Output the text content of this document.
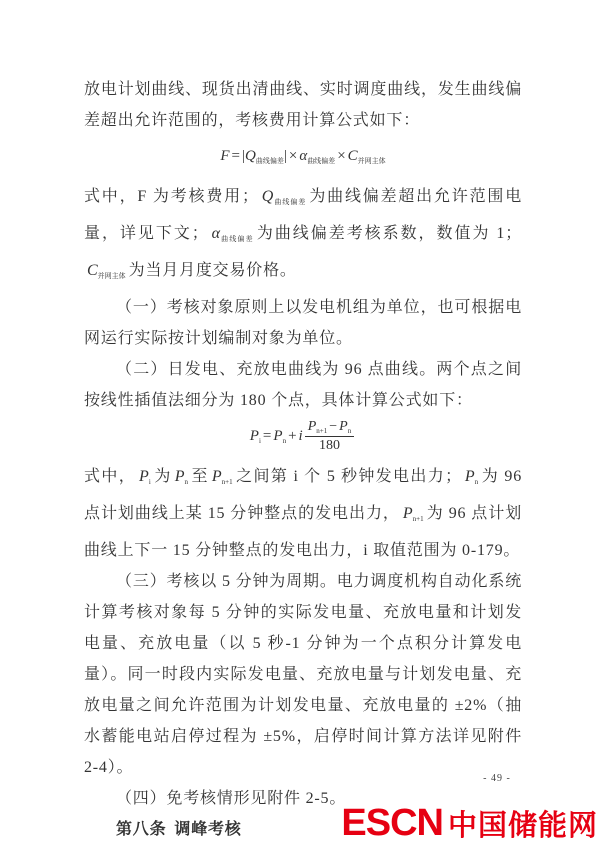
放电计划曲线、现货出清曲线、实时调度曲线，发生曲线偏差超出允许范围的，考核费用计算公式如下：

$F = |Q_{曲线偏差}| \times \alpha_{曲线偏差} \times C_{并网主体}$

式中，F 为考核费用； $Q_{曲线偏差}$ 为曲线偏差超出允许范围电量，详见下文； $\alpha_{曲线偏差}$ 为曲线偏差考核系数，数值为 1；$C_{并网主体}$ 为当月月度交易价格。

（一）考核对象原则上以发电机组为单位，也可根据电网运行实际按计划编制对象为单位。

（二）日发电、充放电曲线为 96 点曲线。两个点之间按线性插值法细分为 180 个点，具体计算公式如下：

$P_i = P_n + i \frac{P_{n+1} - P_n}{180}$

式中， $P_i$ 为 $P_n$ 至 $P_{n+1}$ 之间第 i 个 5 秒钟发电出力； $P_n$ 为 96 点计划曲线上某 15 分钟整点的发电出力， $P_{n+1}$ 为 96 点计划曲线上下一 15 分钟整点的发电出力，i 取值范围为 0-179。

（三）考核以 5 分钟为周期。电力调度机构自动化系统计算考核对象每 5 分钟的实际发电量、充放电量和计划发电量、充放电量（以 5 秒-1 分钟为一个点积分计算发电量）。同一时段内实际发电量、充放电量与计划发电量、充放电量之间允许范围为计划发电量、充放电量的 ±2%（抽水蓄能电站启停过程为 ±5%，启停时间计算方法详见附件 2-4）。

（四）免考核情形见附件 2-5。

第八条 调峰考核

- 49 -
ESCN 中国储能网
